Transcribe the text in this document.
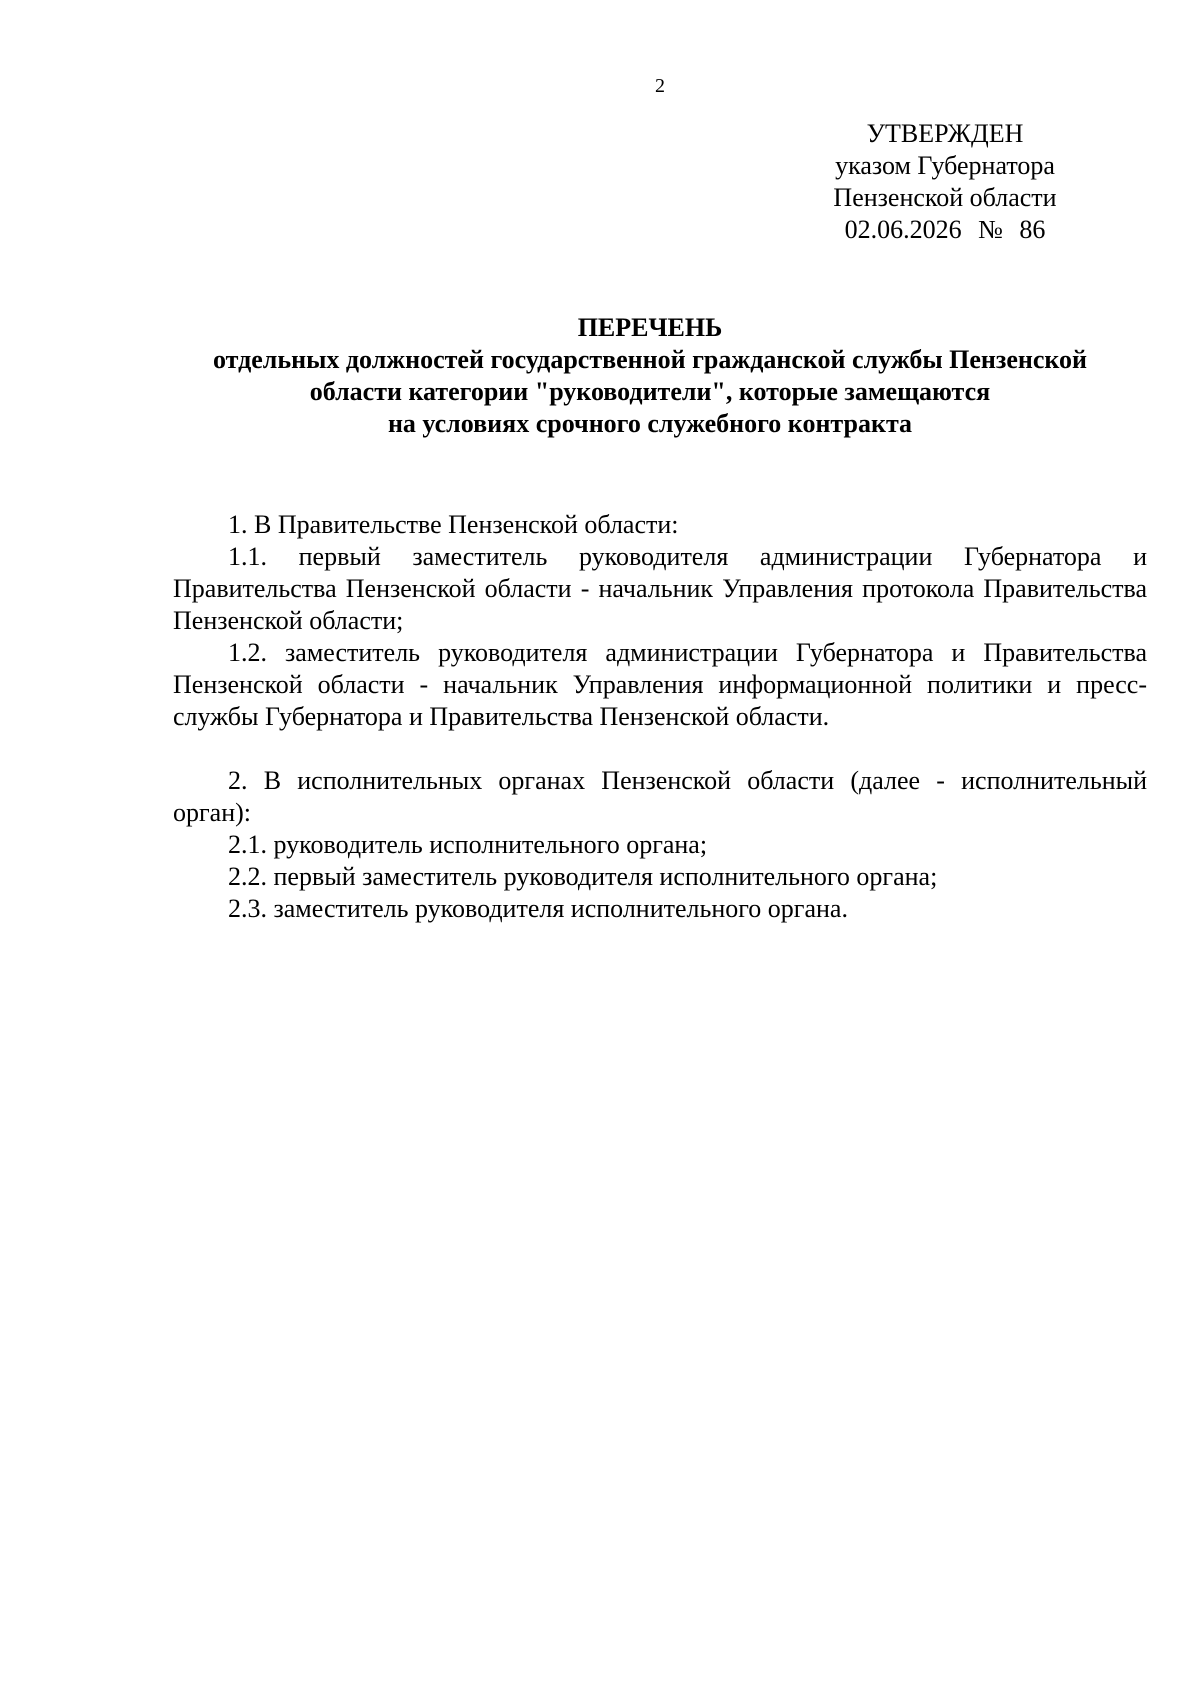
2
УТВЕРЖДЕН
указом Губернатора
Пензенской области
02.06.2026 № 86
ПЕРЕЧЕНЬ
отдельных должностей государственной гражданской службы Пензенской
области категории "руководители", которые замещаются
на условиях срочного служебного контракта

1. В Правительстве Пензенской области:

1.1. первый заместитель руководителя администрации Губернатора и Правительства Пензенской области - начальник Управления протокола Правительства Пензенской области;

1.2. заместитель руководителя администрации Губернатора и Правительства Пензенской области - начальник Управления информационной политики и пресс-службы Губернатора и Правительства Пензенской области.

2. В исполнительных органах Пензенской области (далее - исполнительный орган):

2.1. руководитель исполнительного органа;

2.2. первый заместитель руководителя исполнительного органа;

2.3. заместитель руководителя исполнительного органа.
